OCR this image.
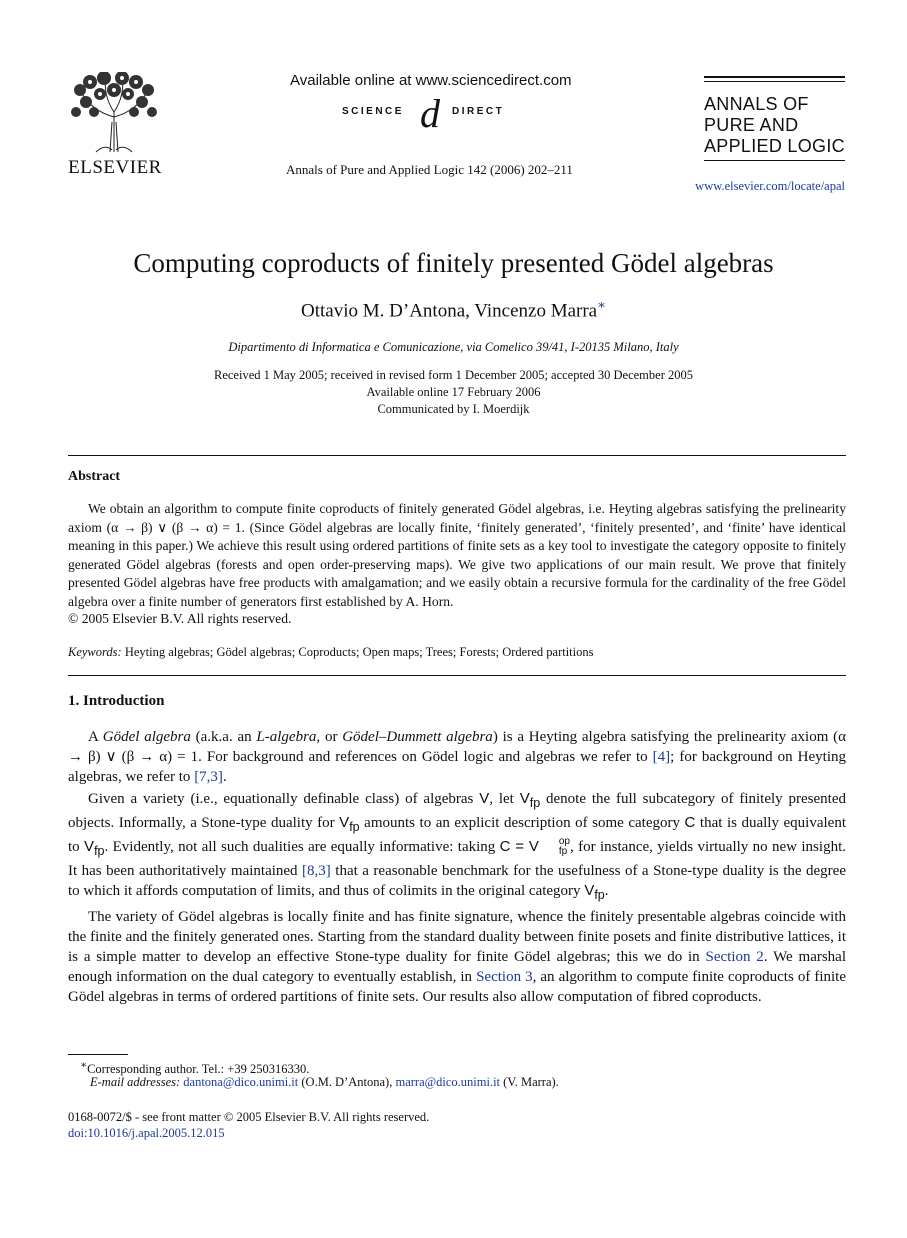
ELSEVIER
Available online at www.sciencedirect.com
SCIENCE d DIRECT
Annals of Pure and Applied Logic 142 (2006) 202–211
ANNALS OF
PURE AND
APPLIED LOGIC
www.elsevier.com/locate/apal
Computing coproducts of finitely presented Gödel algebras
Ottavio M. D’Antona, Vincenzo Marra∗
Dipartimento di Informatica e Comunicazione, via Comelico 39/41, I-20135 Milano, Italy
Received 1 May 2005; received in revised form 1 December 2005; accepted 30 December 2005
Available online 17 February 2006
Communicated by I. Moerdijk
Abstract

We obtain an algorithm to compute finite coproducts of finitely generated Gödel algebras, i.e. Heyting algebras satisfying the prelinearity axiom (α → β) ∨ (β → α) = 1. (Since Gödel algebras are locally finite, ‘finitely generated’, ‘finitely presented’, and ‘finite’ have identical meaning in this paper.) We achieve this result using ordered partitions of finite sets as a key tool to investigate the category opposite to finitely generated Gödel algebras (forests and open order-preserving maps). We give two applications of our main result. We prove that finitely presented Gödel algebras have free products with amalgamation; and we easily obtain a recursive formula for the cardinality of the free Gödel algebra over a finite number of generators first established by A. Horn.

© 2005 Elsevier B.V. All rights reserved.
Keywords: Heyting algebras; Gödel algebras; Coproducts; Open maps; Trees; Forests; Ordered partitions
1. Introduction

A Gödel algebra (a.k.a. an L-algebra, or Gödel–Dummett algebra) is a Heyting algebra satisfying the prelinearity axiom (α → β) ∨ (β → α) = 1. For background and references on Gödel logic and algebras we refer to [4]; for background on Heyting algebras, we refer to [7,3].

Given a variety (i.e., equationally definable class) of algebras V, let $V_{fp}$ denote the full subcategory of finitely presented objects. Informally, a Stone-type duality for $V_{fp}$ amounts to an explicit description of some category C that is dually equivalent to $V_{fp}$. Evidently, not all such dualities are equally informative: taking C = V	op
fp , for instance, yields virtually no new insight. It has been authoritatively maintained [8,3] that a reasonable benchmark for the usefulness of a Stone-type duality is the degree to which it affords computation of limits, and thus of colimits in the original category $V_{fp}$.

The variety of Gödel algebras is locally finite and has finite signature, whence the finitely presentable algebras coincide with the finite and the finitely generated ones. Starting from the standard duality between finite posets and finite distributive lattices, it is a simple matter to develop an effective Stone-type duality for finite Gödel algebras; this we do in Section 2. We marshal enough information on the dual category to eventually establish, in Section 3, an algorithm to compute finite coproducts of finite Gödel algebras in terms of ordered partitions of finite sets. Our results also allow computation of fibred coproducts.

∗Corresponding author. Tel.: +39 250316330.
E-mail addresses: dantona@dico.unimi.it (O.M. D’Antona), marra@dico.unimi.it (V. Marra).
0168-0072/$ - see front matter © 2005 Elsevier B.V. All rights reserved.
doi:10.1016/j.apal.2005.12.015
